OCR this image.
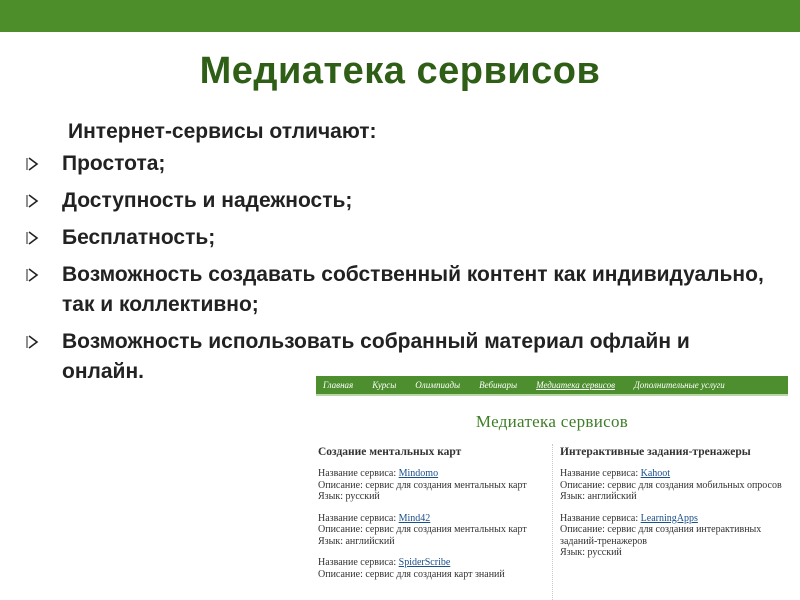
Медиатека сервисов
Интернет-сервисы отличают:
Простота;
Доступность и надежность;
Бесплатность;
Возможность создавать собственный контент как индивидуально, так и коллективно;
Возможность использовать собранный материал офлайн и онлайн.
Главная	Курсы	Олимпиады	Вебинары	Медиатека сервисов	Дополнительные услуги
Медиатека сервисов
Создание ментальных карт
Название сервиса: Mindomo
Описание: сервис для создания ментальных карт
Язык: русский
Название сервиса: Mind42
Описание: сервис для создания ментальных карт
Язык: английский
Название сервиса: SpiderScribe
Описание: сервис для создания карт знаний
Интерактивные задания-тренажеры
Название сервиса: Kahoot
Описание: сервис для создания мобильных опросов
Язык: английский
Название сервиса: LearningApps
Описание: сервис для создания интерактивных заданий-тренажеров
Язык: русский
